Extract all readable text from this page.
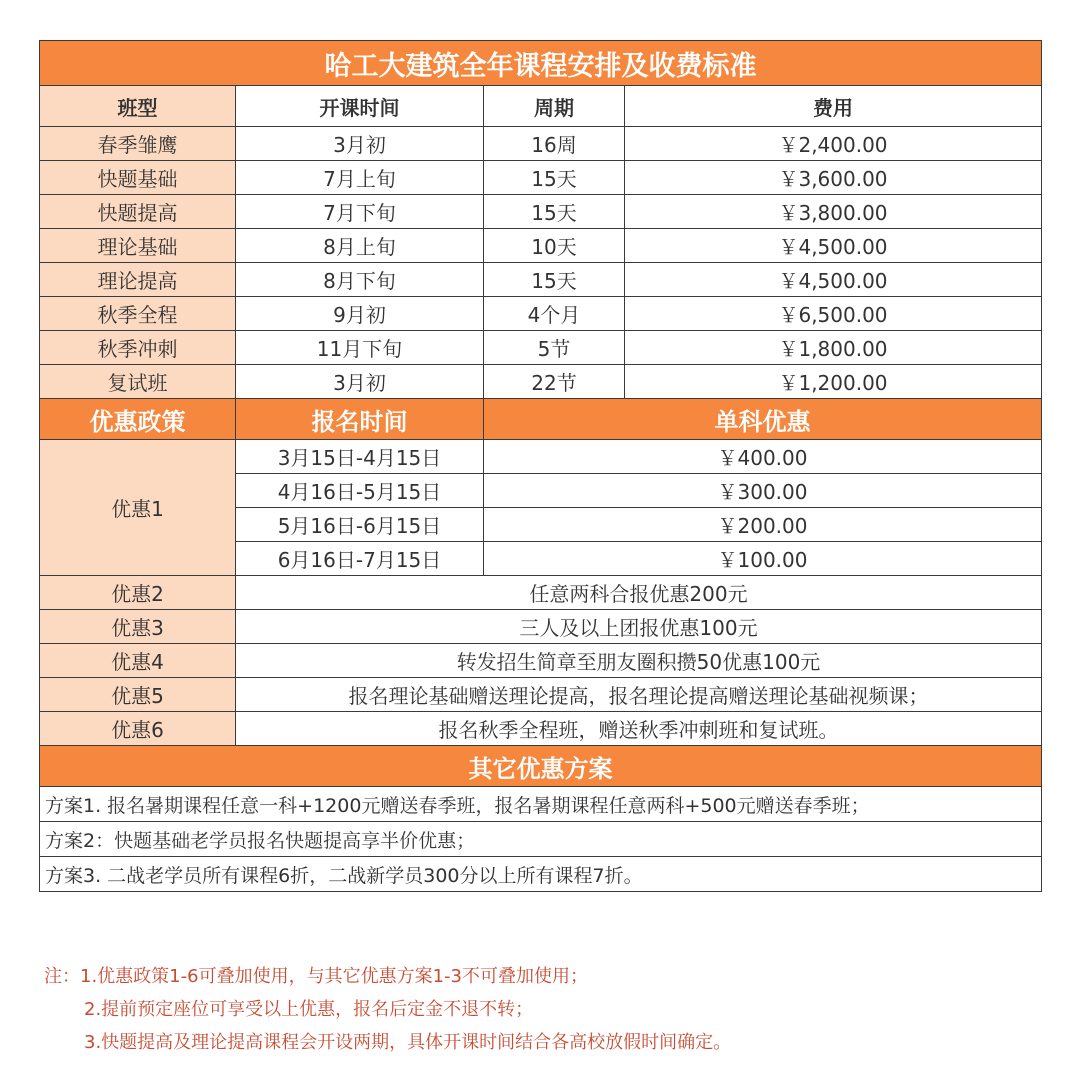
哈工大建筑全年课程安排及收费标准			
班型	开课时间	周期	费用
春季雏鹰	3月初	16周	￥2,400.00
快题基础	7月上旬	15天	￥3,600.00
快题提高	7月下旬	15天	￥3,800.00
理论基础	8月上旬	10天	￥4,500.00
理论提高	8月下旬	15天	￥4,500.00
秋季全程	9月初	4个月	￥6,500.00
秋季冲刺	11月下旬	5节	￥1,800.00
复试班	3月初	22节	￥1,200.00
优惠政策	报名时间	单科优惠	
优惠1	3月15日-4月15日	￥400.00	
	4月16日-5月15日	￥300.00	
	5月16日-6月15日	￥200.00	
	6月16日-7月15日	￥100.00	
优惠2	任意两科合报优惠200元		
优惠3	三人及以上团报优惠100元		
优惠4	转发招生简章至朋友圈积攒50优惠100元		
优惠5	报名理论基础赠送理论提高，报名理论提高赠送理论基础视频课；		
优惠6	报名秋季全程班，赠送秋季冲刺班和复试班。		
其它优惠方案			
方案1. 报名暑期课程任意一科+1200元赠送春季班，报名暑期课程任意两科+500元赠送春季班；			
方案2：快题基础老学员报名快题提高享半价优惠；			
方案3. 二战老学员所有课程6折，二战新学员300分以上所有课程7折。			
注：1.优惠政策1-6可叠加使用，与其它优惠方案1-3不可叠加使用；
2.提前预定座位可享受以上优惠，报名后定金不退不转；
3.快题提高及理论提高课程会开设两期，具体开课时间结合各高校放假时间确定。
